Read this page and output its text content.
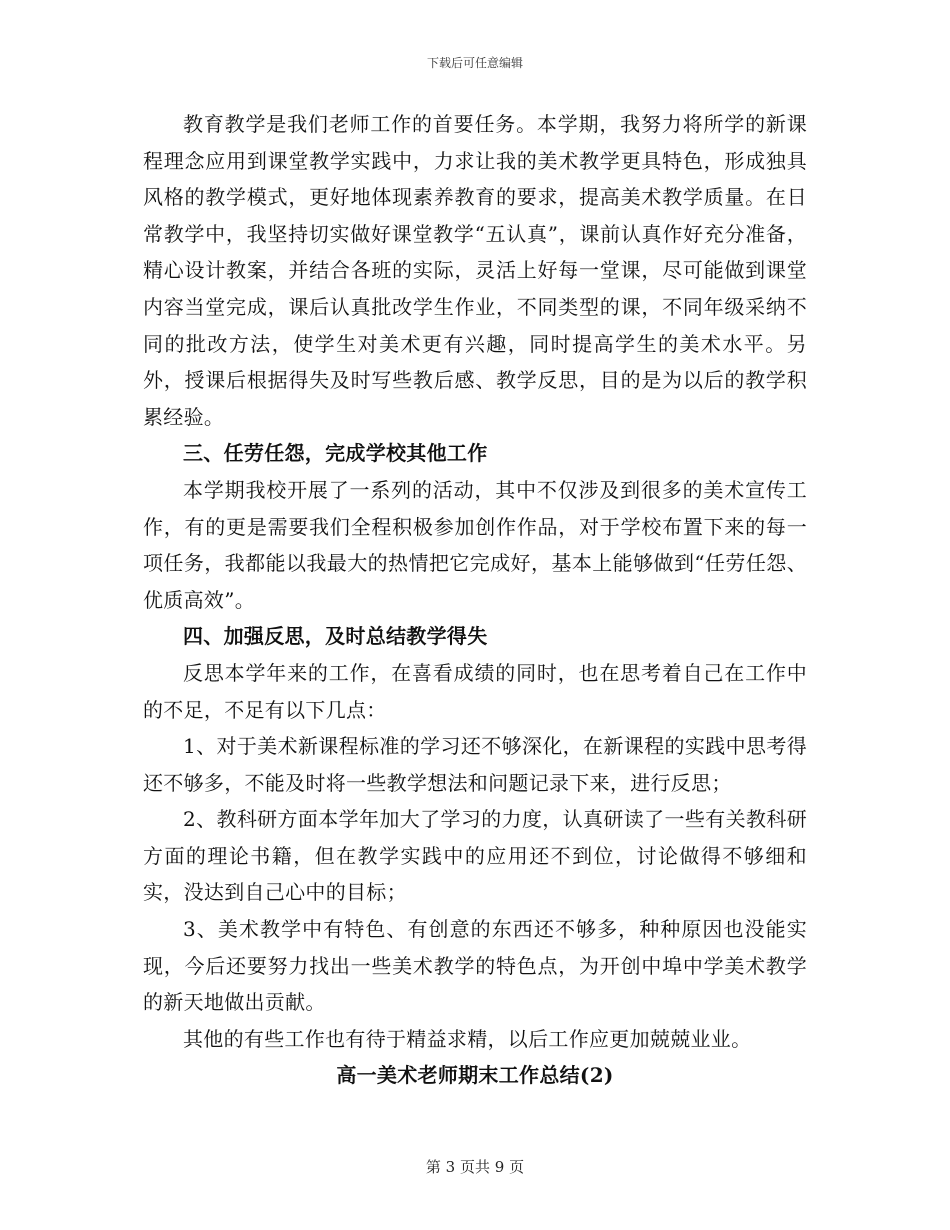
下载后可任意编辑

教育教学是我们老师工作的首要任务。本学期，我努力将所学的新课程理念应用到课堂教学实践中，力求让我的美术教学更具特色，形成独具风格的教学模式，更好地体现素养教育的要求，提高美术教学质量。在日常教学中，我坚持切实做好课堂教学“五认真”，课前认真作好充分准备，精心设计教案，并结合各班的实际，灵活上好每一堂课，尽可能做到课堂内容当堂完成，课后认真批改学生作业，不同类型的课，不同年级采纳不同的批改方法，使学生对美术更有兴趣，同时提高学生的美术水平。另外，授课后根据得失及时写些教后感、教学反思，目的是为以后的教学积累经验。

三、任劳任怨，完成学校其他工作

本学期我校开展了一系列的活动，其中不仅涉及到很多的美术宣传工作，有的更是需要我们全程积极参加创作作品，对于学校布置下来的每一项任务，我都能以我最大的热情把它完成好，基本上能够做到“任劳任怨、优质高效”。

四、加强反思，及时总结教学得失

反思本学年来的工作，在喜看成绩的同时，也在思考着自己在工作中的不足，不足有以下几点：

1、对于美术新课程标准的学习还不够深化，在新课程的实践中思考得还不够多，不能及时将一些教学想法和问题记录下来，进行反思；

2、教科研方面本学年加大了学习的力度，认真研读了一些有关教科研方面的理论书籍，但在教学实践中的应用还不到位，讨论做得不够细和实，没达到自己心中的目标；

3、美术教学中有特色、有创意的东西还不够多，种种原因也没能实现，今后还要努力找出一些美术教学的特色点，为开创中埠中学美术教学的新天地做出贡献。

其他的有些工作也有待于精益求精，以后工作应更加兢兢业业。

高一美术老师期末工作总结(2)

第 3 页共 9 页
